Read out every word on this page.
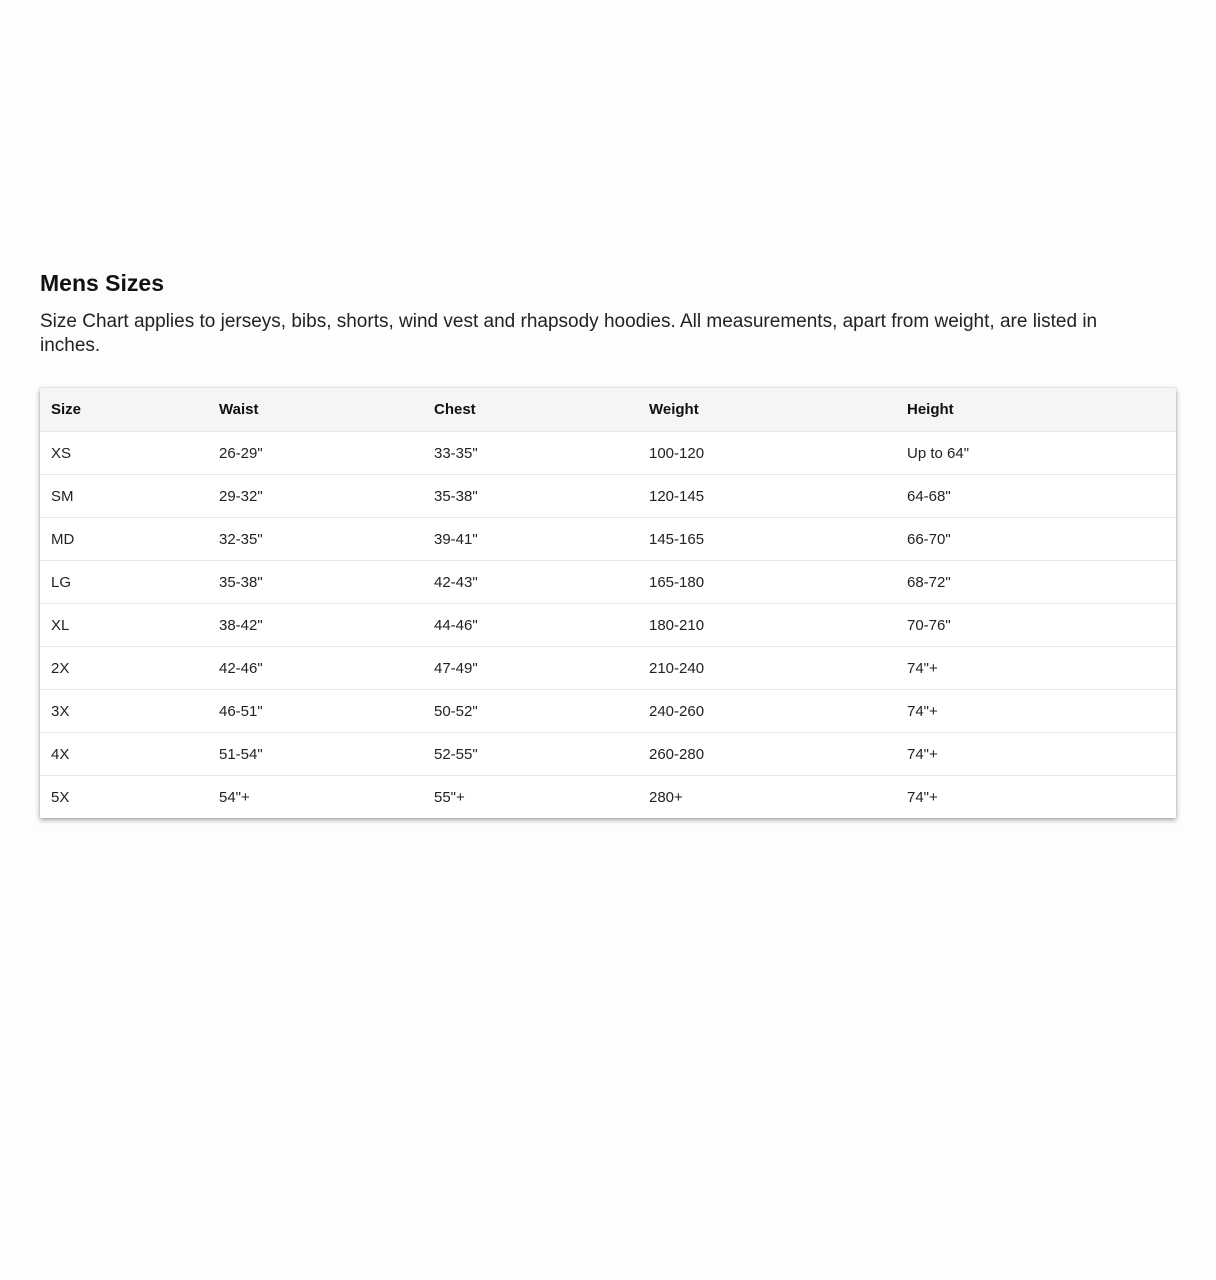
Mens Sizes

Size Chart applies to jerseys, bibs, shorts, wind vest and rhapsody hoodies. All measurements, apart from weight, are listed in inches.

Size	Waist	Chest	Weight	Height
XS	26-29"	33-35"	100-120	Up to 64"
SM	29-32"	35-38"	120-145	64-68"
MD	32-35"	39-41"	145-165	66-70"
LG	35-38"	42-43"	165-180	68-72"
XL	38-42"	44-46"	180-210	70-76"
2X	42-46"	47-49"	210-240	74"+
3X	46-51"	50-52"	240-260	74"+
4X	51-54"	52-55"	260-280	74"+
5X	54"+	55"+	280+	74"+
